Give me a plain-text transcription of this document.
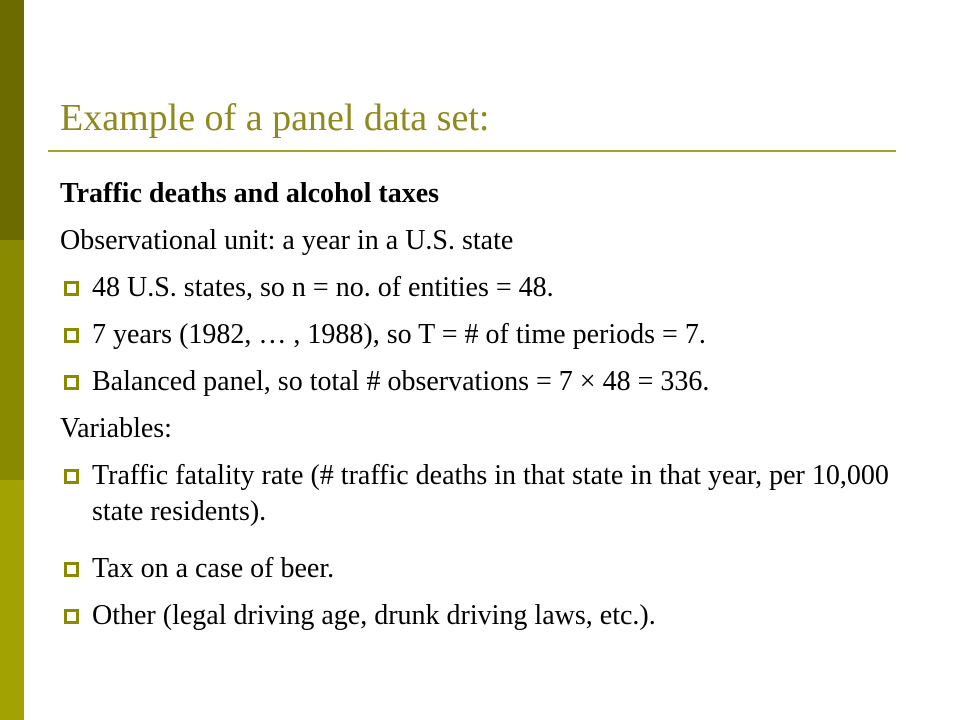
Example of a panel data set:
Traffic deaths and alcohol taxes
Observational unit: a year in a U.S. state
48 U.S. states, so n = no. of entities = 48.
7 years (1982, … , 1988), so T = # of time periods = 7.
Balanced panel, so total # observations = 7 × 48 = 336.
Variables:
Traffic fatality rate (# traffic deaths in that state in that year, per 10,000 state residents).
Tax on a case of beer.
Other (legal driving age, drunk driving laws, etc.).
